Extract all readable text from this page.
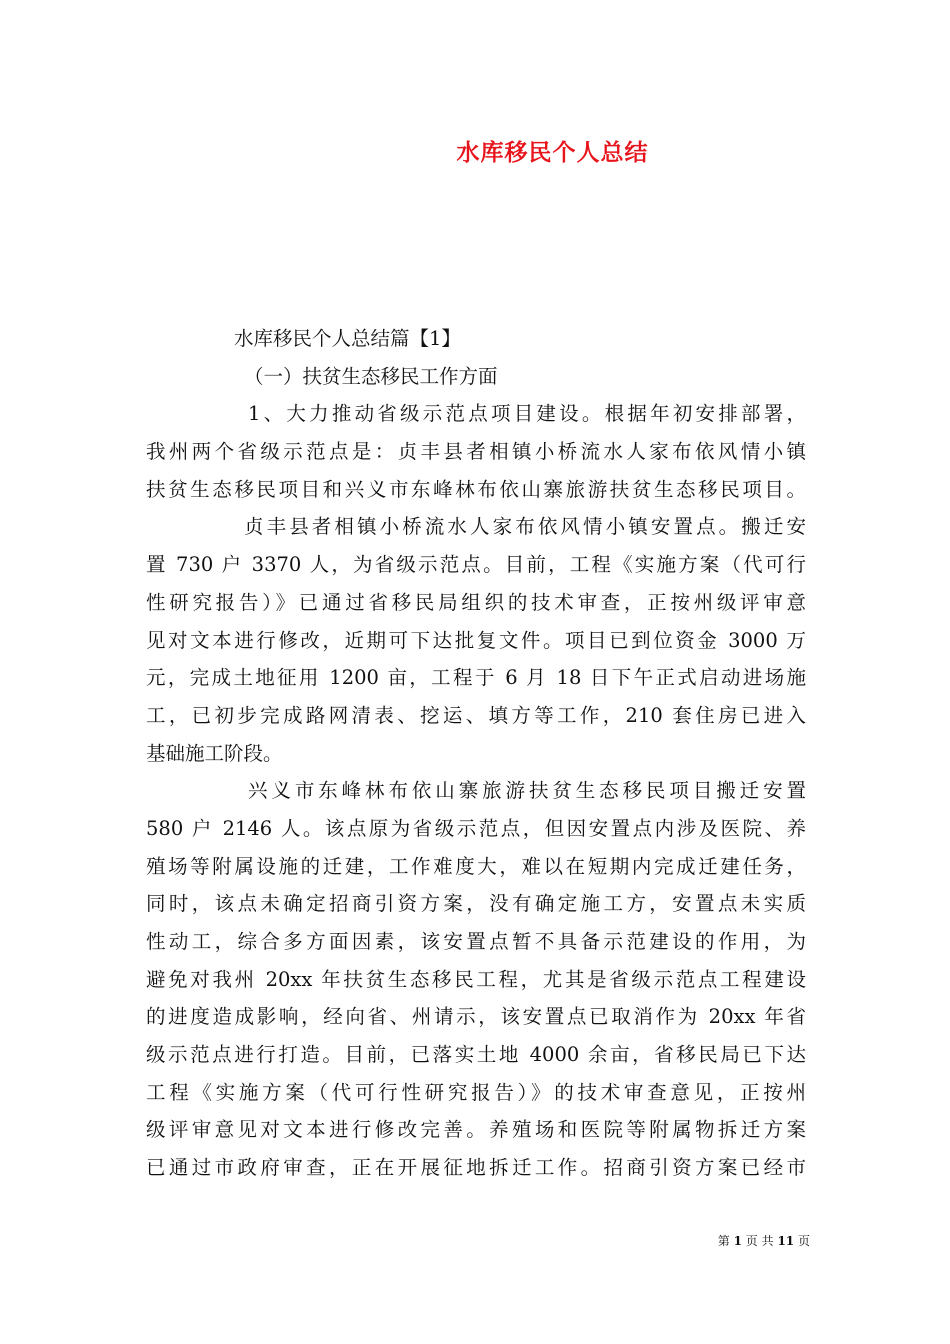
水库移民个人总结
水库移民个人总结篇【1】
（一）扶贫生态移民工作方面
1、大力推动省级示范点项目建设。根据年初安排部署，
我州两个省级示范点是：贞丰县者相镇小桥流水人家布依风情小镇
扶贫生态移民项目和兴义市东峰林布依山寨旅游扶贫生态移民项目。
贞丰县者相镇小桥流水人家布依风情小镇安置点。搬迁安
置 730 户 3370 人，为省级示范点。目前，工程《实施方案（代可行
性研究报告）》已通过省移民局组织的技术审查，正按州级评审意
见对文本进行修改，近期可下达批复文件。项目已到位资金 3000 万
元，完成土地征用 1200 亩，工程于 6 月 18 日下午正式启动进场施
工，已初步完成路网清表、挖运、填方等工作，210 套住房已进入
基础施工阶段。
兴义市东峰林布依山寨旅游扶贫生态移民项目搬迁安置
580 户 2146 人。该点原为省级示范点，但因安置点内涉及医院、养
殖场等附属设施的迁建，工作难度大，难以在短期内完成迁建任务，
同时，该点未确定招商引资方案，没有确定施工方，安置点未实质
性动工，综合多方面因素，该安置点暂不具备示范建设的作用，为
避免对我州 20xx 年扶贫生态移民工程，尤其是省级示范点工程建设
的进度造成影响，经向省、州请示，该安置点已取消作为 20xx 年省
级示范点进行打造。目前，已落实土地 4000 余亩，省移民局已下达
工程《实施方案（代可行性研究报告）》的技术审查意见，正按州
级评审意见对文本进行修改完善。养殖场和医院等附属物拆迁方案
已通过市政府审查，正在开展征地拆迁工作。招商引资方案已经市
第 1 页 共 11 页
